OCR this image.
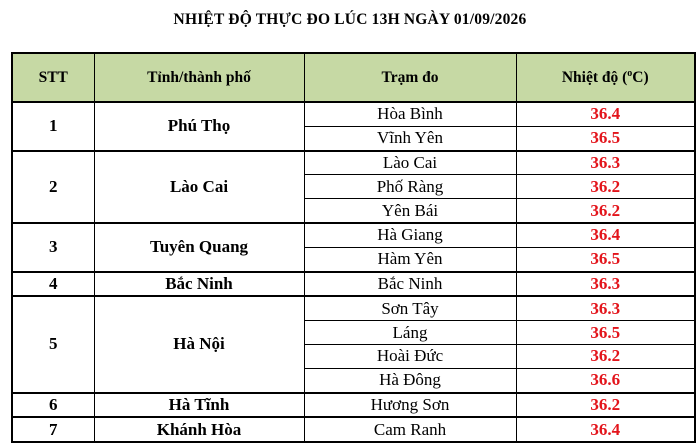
NHIỆT ĐỘ THỰC ĐO LÚC 13H NGÀY 01/09/2026
STT	Tỉnh/thành phố	Trạm đo	Nhiệt độ ($^o$C)
1	Phú Thọ	Hòa Bình	36.4
		Vĩnh Yên	36.5
2	Lào Cai	Lào Cai	36.3
		Phố Ràng	36.2
		Yên Bái	36.2
3	Tuyên Quang	Hà Giang	36.4
		Hàm Yên	36.5
4	Bắc Ninh	Bắc Ninh	36.3
5	Hà Nội	Sơn Tây	36.3
		Láng	36.5
		Hoài Đức	36.2
		Hà Đông	36.6
6	Hà Tĩnh	Hương Sơn	36.2
7	Khánh Hòa	Cam Ranh	36.4
